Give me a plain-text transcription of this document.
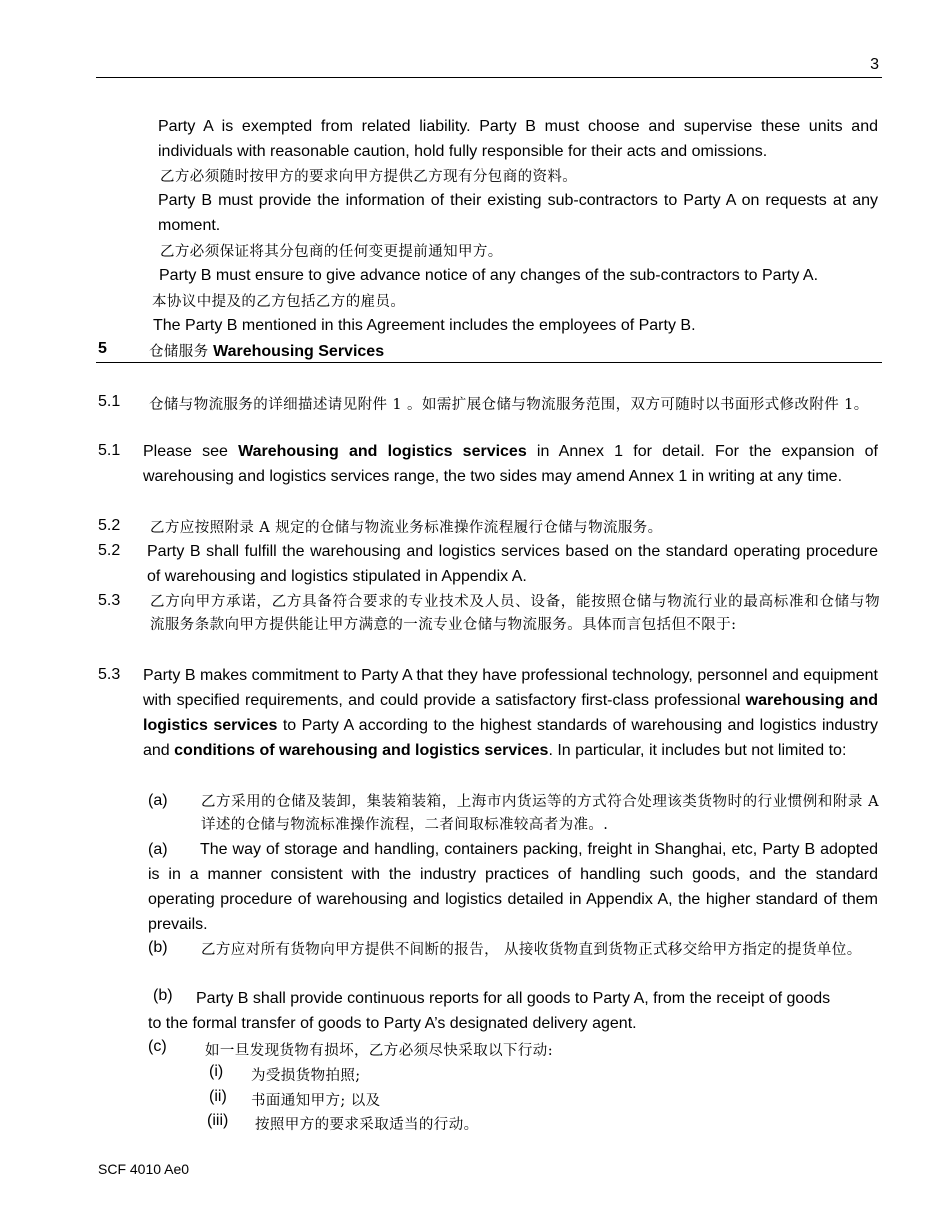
3
Party A is exempted from related liability. Party B must choose and supervise these units and individuals with reasonable caution, hold fully responsible for their acts and omissions.
乙方必须随时按甲方的要求向甲方提供乙方现有分包商的资料。
Party B must provide the information of their existing sub-contractors to Party A on requests at any moment.
乙方必须保证将其分包商的任何变更提前通知甲方。
Party B must ensure to give advance notice of any changes of the sub-contractors to Party A.
本协议中提及的乙方包括乙方的雇员。
The Party B mentioned in this Agreement includes the employees of Party B.
5	仓储服务 Warehousing Services
5.1 仓储与物流服务的详细描述请见附件 1 。如需扩展仓储与物流服务范围，双方可随时以书面形式修改附件 1。
5.1 Please see Warehousing and logistics services in Annex 1 for detail. For the expansion of warehousing and logistics services range, the two sides may amend Annex 1 in writing at any time.
5.2 乙方应按照附录 A 规定的仓储与物流业务标准操作流程履行仓储与物流服务。
5.2 Party B shall fulfill the warehousing and logistics services based on the standard operating procedure of warehousing and logistics stipulated in Appendix A.
5.3 乙方向甲方承诺，乙方具备符合要求的专业技术及人员、设备，能按照仓储与物流行业的最高标准和仓储与物流服务条款向甲方提供能让甲方满意的一流专业仓储与物流服务。具体而言包括但不限于:
5.3 Party B makes commitment to Party A that they have professional technology, personnel and equipment with specified requirements, and could provide a satisfactory first-class professional warehousing and logistics services to Party A according to the highest standards of warehousing and logistics industry and conditions of warehousing and logistics services. In particular, it includes but not limited to:
(a) 乙方采用的仓储及装卸，集装箱装箱，上海市内货运等的方式符合处理该类货物时的行业惯例和附录 A 详述的仓储与物流标准操作流程，二者间取标准较高者为准。.
(a) The way of storage and handling, containers packing, freight in Shanghai, etc, Party B adopted is in a manner consistent with the industry practices of handling such goods, and the standard operating procedure of warehousing and logistics detailed in Appendix A, the higher standard of them prevails.
(b)	乙方应对所有货物向甲方提供不间断的报告， 从接收货物直到货物正式移交给甲方指定的提货单位。
(b) Party B shall provide continuous reports for all goods to Party A, from the receipt of goods
to the formal transfer of goods to Party A’s designated delivery agent.
(c)	如一旦发现货物有损坏，乙方必须尽快采取以下行动:
(i) 为受损货物拍照;
(ii) 书面通知甲方; 以及
(iii) 按照甲方的要求采取适当的行动。
SCF 4010 Ae0
